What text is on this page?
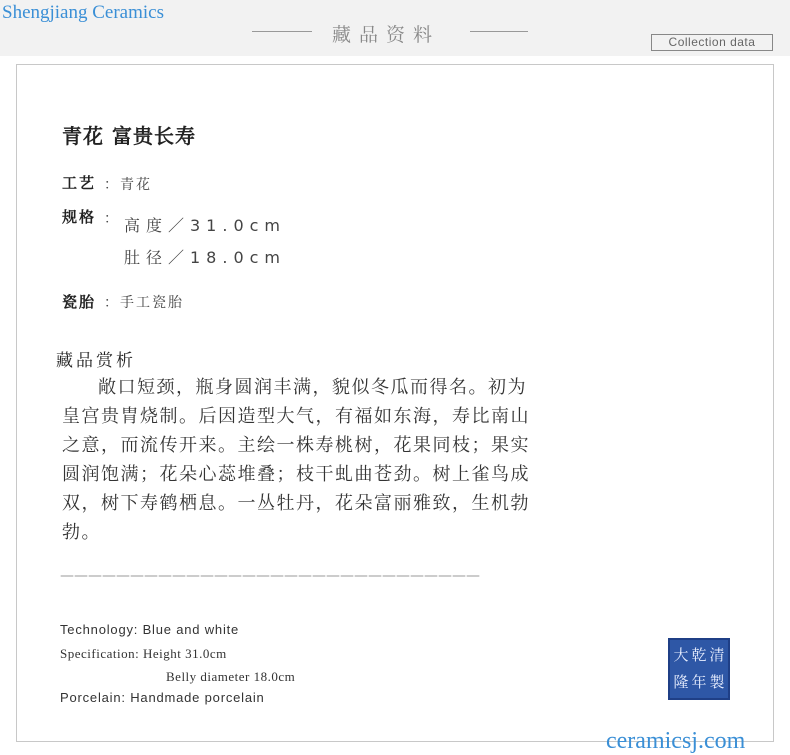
Shengjiang Ceramics
藏品资料	Collection data
青花 富贵长寿
工艺 ：青花
规格 ： 高度／31.0cm
肚径／18.0cm
瓷胎 ：手工瓷胎
藏品赏析

敞口短颈，瓶身圆润丰满，貌似冬瓜而得名。初为皇宫贵胄烧制。后因造型大气，有福如东海，寿比南山之意，而流传开来。主绘一株寿桃树，花果同枝；果实圆润饱满；花朵心蕊堆叠；枝干虬曲苍劲。树上雀鸟成双，树下寿鹤栖息。一丛牡丹，花朵富丽雅致，生机勃勃。

——————————————————————————————
Technology: Blue and white
Specification: Height 31.0cm
Belly diameter 18.0cm
Porcelain: Handmade porcelain
大 乾 清
隆 年 製
ceramicsj.com
